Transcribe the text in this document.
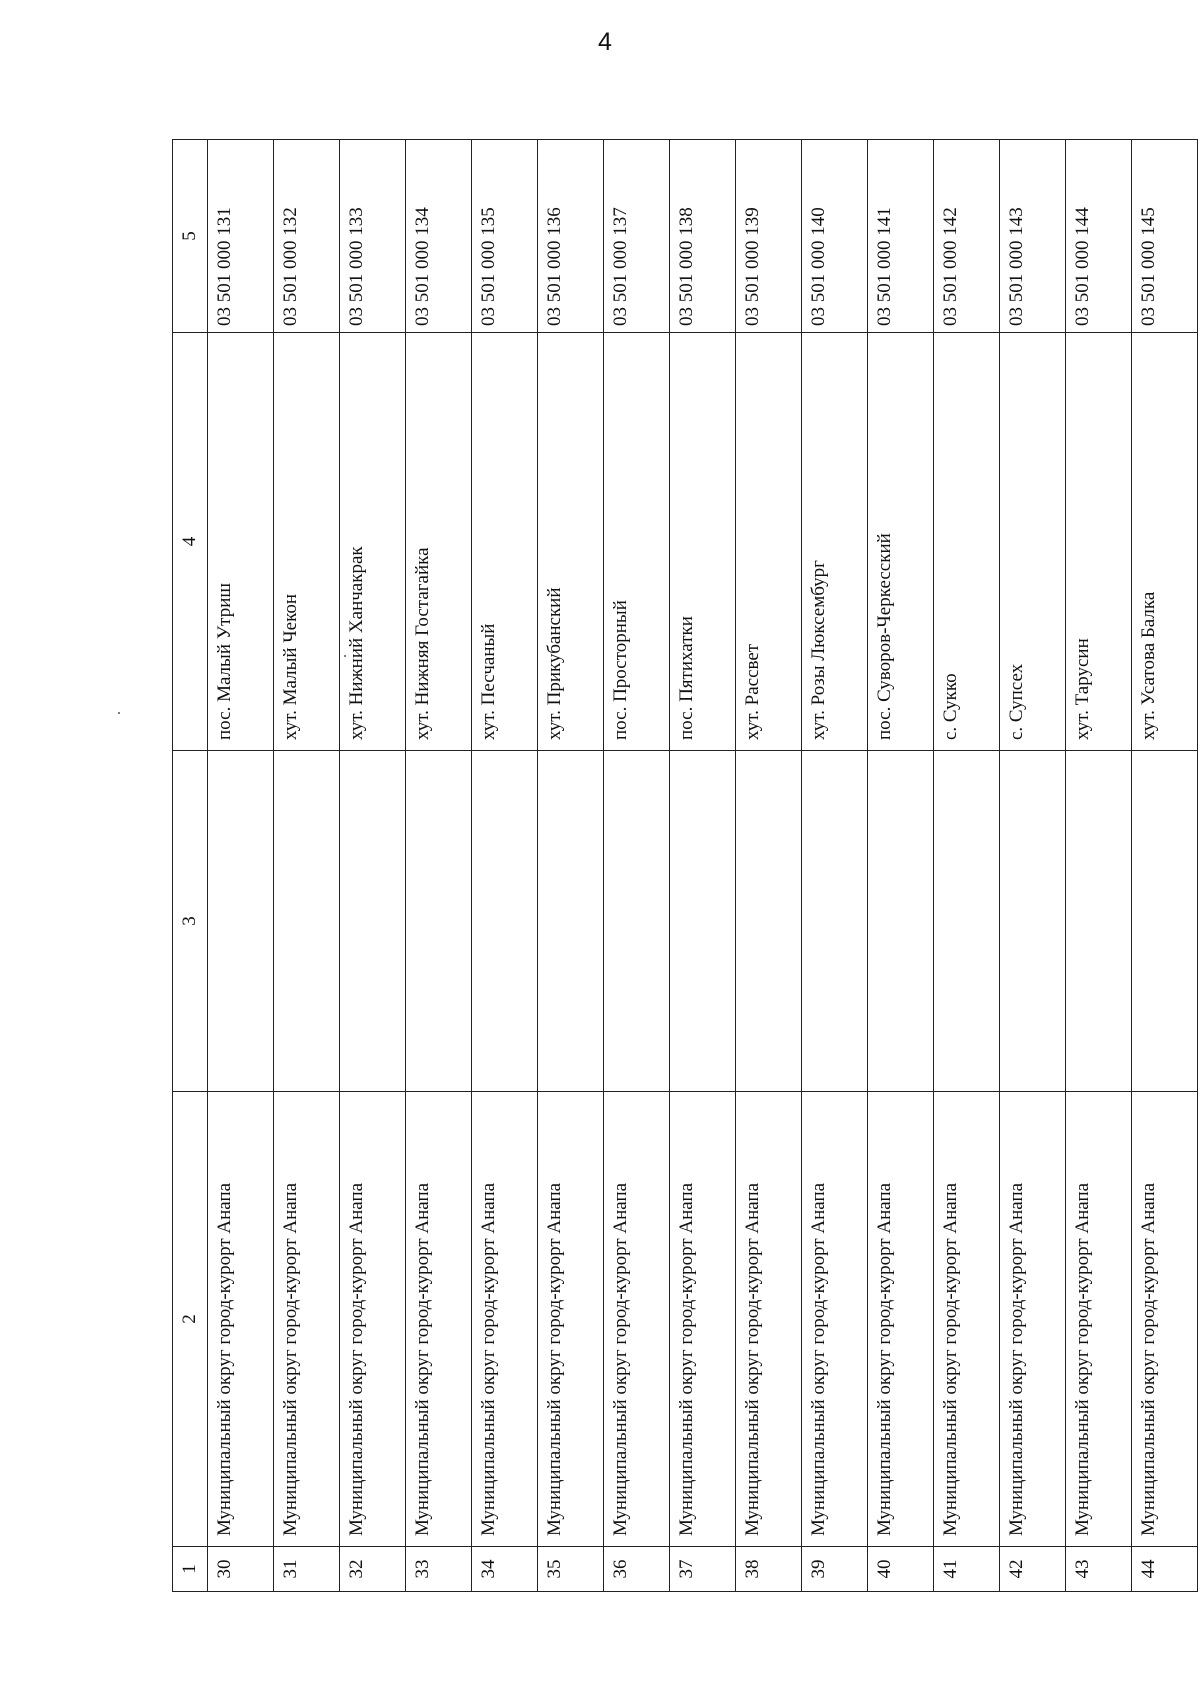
4
1	2	3	4	5
30	Муниципальный округ город-курорт Анапа		пос. Малый Утриш	03 501 000 131
31	Муниципальный округ город-курорт Анапа		хут. Малый Чекон	03 501 000 132
32	Муниципальный округ город-курорт Анапа		хут. Нижний Ханчакрак	03 501 000 133
33	Муниципальный округ город-курорт Анапа		хут. Нижняя Гостагайка	03 501 000 134
34	Муниципальный округ город-курорт Анапа		хут. Песчаный	03 501 000 135
35	Муниципальный округ город-курорт Анапа		хут. Прикубанский	03 501 000 136
36	Муниципальный округ город-курорт Анапа		пос. Просторный	03 501 000 137
37	Муниципальный округ город-курорт Анапа		пос. Пятихатки	03 501 000 138
38	Муниципальный округ город-курорт Анапа		хут. Рассвет	03 501 000 139
39	Муниципальный округ город-курорт Анапа		хут. Розы Люксембург	03 501 000 140
40	Муниципальный округ город-курорт Анапа		пос. Суворов-Черкесский	03 501 000 141
41	Муниципальный округ город-курорт Анапа		с. Сукко	03 501 000 142
42	Муниципальный округ город-курорт Анапа		с. Супсех	03 501 000 143
43	Муниципальный округ город-курорт Анапа		хут. Тарусин	03 501 000 144
44	Муниципальный округ город-курорт Анапа		хут. Усатова Балка	03 501 000 145
